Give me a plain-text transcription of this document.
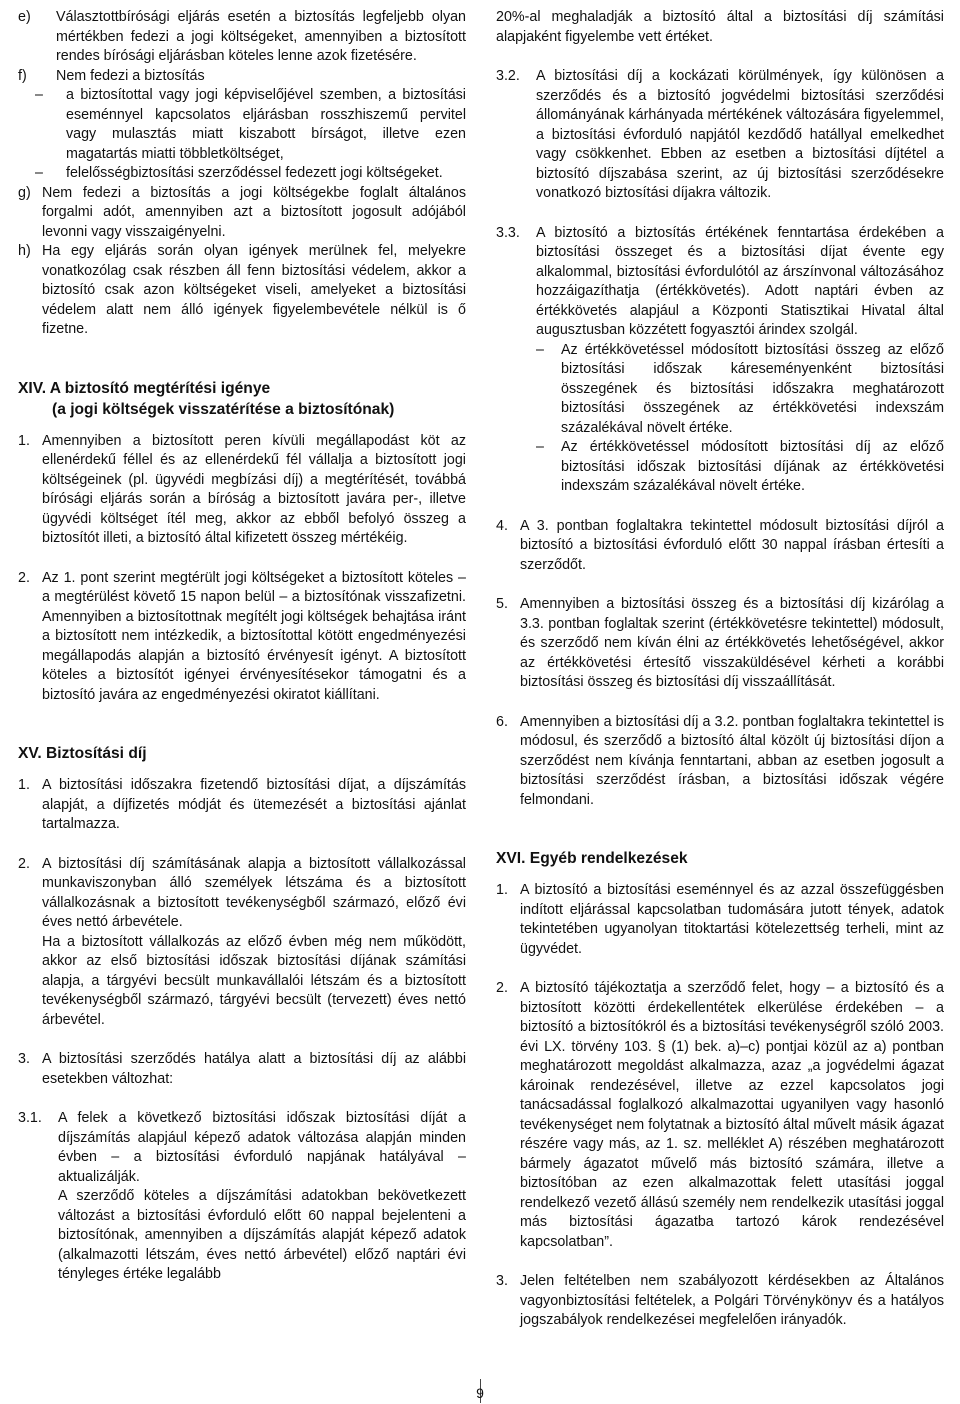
e)	Választottbírósági eljárás esetén a biztosítás legfeljebb olyan mértékben fedezi a jogi költségeket, amennyiben a biztosított rendes bírósági eljárásban köteles lenne azok fizetésére.
f)	Nem fedezi a biztosítás
–	a biztosítottal vagy jogi képviselőjével szemben, a biztosítási eseménnyel kapcsolatos eljárásban rosszhiszemű pervitel vagy mulasztás miatt kiszabott bírságot, illetve ezen magatartás miatti többletköltséget,
–	felelősségbiztosítási szerződéssel fedezett jogi költségeket.
g) Nem fedezi a biztosítás a jogi költségekbe foglalt általános forgalmi adót, amennyiben azt a biztosított jogosult adójából levonni vagy visszaigényelni.
h) Ha egy eljárás során olyan igények merülnek fel, melyekre vonatkozólag csak részben áll fenn biztosítási védelem, akkor a biztosító csak azon költségeket viseli, amelyeket a biztosítási védelem alatt nem álló igények figyelembevétele nélkül is ő fizetne.
XIV. A biztosító megtérítési igénye
(a jogi költségek visszatérítése a biztosítónak)
1. Amennyiben a biztosított peren kívüli megállapodást köt az ellenérdekű féllel és az ellenérdekű fél vállalja a biztosított jogi költségeinek (pl. ügyvédi megbízási díj) a megtérítését, továbbá bírósági eljárás során a bíróság a biztosított javára per-, illetve ügyvédi költséget ítél meg, akkor az ebből befolyó összeg a biztosítót illeti, a biztosító által kifizetett összeg mértékéig.
2. Az 1. pont szerint megtérült jogi költségeket a biztosított köteles – a megtérülést követő 15 napon belül – a biztosítónak visszafizetni. Amennyiben a biztosítottnak megítélt jogi költségek behajtása iránt a biztosított nem intézkedik, a biztosítottal kötött engedményezési megállapodás alapján a biztosító érvényesít igényt. A biztosított köteles a biztosítót igényei érvényesítésekor támogatni és a biztosító javára az engedményezési okiratot kiállítani.
XV. Biztosítási díj
1. A biztosítási időszakra fizetendő biztosítási díjat, a díjszámítás alapját, a díjfizetés módját és ütemezését a biztosítási ajánlat tartalmazza.
2. A biztosítási díj számításának alapja a biztosított vállalkozással munkaviszonyban álló személyek létszáma és a biztosított vállalkozásnak a biztosított tevékenységből származó, előző évi éves nettó árbevétele.

Ha a biztosított vállalkozás az előző évben még nem működött, akkor az első biztosítási időszak biztosítási díjának számítási alapja, a tárgyévi becsült munkavállalói létszám és a biztosított tevékenységből származó, tárgyévi becsült (tervezett) éves nettó árbevétel.

3. A biztosítási szerződés hatálya alatt a biztosítási díj az alábbi esetekben változhat:
3.1.	A felek a következő biztosítási időszak biztosítási díját a díjszámítás alapjául képező adatok változása alapján minden évben – a biztosítási évforduló napjának hatályával – aktualizálják.

A szerződő köteles a díjszámítási adatokban bekövetkezett változást a biztosítási évforduló előtt 60 nappal bejelenteni a biztosítónak, amennyiben a díjszámítás alapját képező adatok (alkalmazotti létszám, éves nettó árbevétel) előző naptári évi tényleges értéke legalább

20%-al meghaladják a biztosító által a biztosítási díj számítási alapjaként figyelembe vett értéket.

3.2.	A biztosítási díj a kockázati körülmények, így különösen a szerződés és a biztosító jogvédelmi biztosítási szerződési állományának kárhányada mértékének változására figyelemmel, a biztosítási évforduló napjától kezdődő hatállyal emelkedhet vagy csökkenhet. Ebben az esetben a biztosítási díjtétel a biztosító díjszabása szerint, az új biztosítási szerződésekre vonatkozó biztosítási díjakra változik.
3.3.	A biztosító a biztosítás értékének fenntartása érdekében a biztosítási összeget és a biztosítási díjat évente egy alkalommal, biztosítási évfordulótól az árszínvonal változásához hozzáigazíthatja (értékkövetés). Adott naptári évben az értékkövetés alapjául a Központi Statisztikai Hivatal által augusztusban közzétett fogyasztói árindex szolgál.
–	Az értékkövetéssel módosított biztosítási összeg az előző biztosítási időszak káreseményenként biztosítási összegének és biztosítási időszakra meghatározott biztosítási összegének az értékkövetési indexszám százalékával növelt értéke.
–	Az értékkövetéssel módosított biztosítási díj az előző biztosítási időszak biztosítási díjának az értékkövetési indexszám százalékával növelt értéke.
4. A 3. pontban foglaltakra tekintettel módosult biztosítási díjról a biztosító a biztosítási évforduló előtt 30 nappal írásban értesíti a szerződőt.
5. Amennyiben a biztosítási összeg és a biztosítási díj kizárólag a 3.3. pontban foglaltak szerint (értékkövetésre tekintettel) módosult, és szerződő nem kíván élni az értékkövetés lehetőségével, akkor az értékkövetési értesítő visszaküldésével kérheti a korábbi biztosítási összeg és biztosítási díj visszaállítását.
6. Amennyiben a biztosítási díj a 3.2. pontban foglaltakra tekintettel is módosul, és szerződő a biztosító által közölt új biztosítási díjon a szerződést nem kívánja fenntartani, abban az esetben jogosult a biztosítási szerződést írásban, a biztosítási időszak végére felmondani.
XVI. Egyéb rendelkezések
1. A biztosító a biztosítási eseménnyel és az azzal összefüggésben indított eljárással kapcsolatban tudomására jutott tények, adatok tekintetében ugyanolyan titoktartási kötelezettség terheli, mint az ügyvédet.
2. A biztosító tájékoztatja a szerződő felet, hogy – a biztosító és a biztosított közötti érdekellentétek elkerülése érdekében – a biztosító a biztosítókról és a biztosítási tevékenységről szóló 2003. évi LX. törvény 103. § (1) bek. a)–c) pontjai közül az a) pontban meghatározott megoldást alkalmazza, azaz „a jogvédelmi ágazat károinak rendezésével, illetve az ezzel kapcsolatos jogi tanácsadással foglalkozó alkalmazottai ugyanilyen vagy hasonló tevékenységet nem folytatnak a biztosító által művelt másik ágazat részére vagy más, az 1. sz. melléklet A) részében meghatározott bármely ágazatot művelő más biztosító számára, illetve a biztosítóban az ezen alkalmazottak felett utasítási joggal rendelkező vezető állású személy nem rendelkezik utasítási joggal más biztosítási ágazatba tartozó károk rendezésével kapcsolatban”.
3. Jelen feltételben nem szabályozott kérdésekben az Általános vagyonbiztosítási feltételek, a Polgári Törvénykönyv és a hatályos jogszabályok rendelkezései megfelelően irányadók.
9
